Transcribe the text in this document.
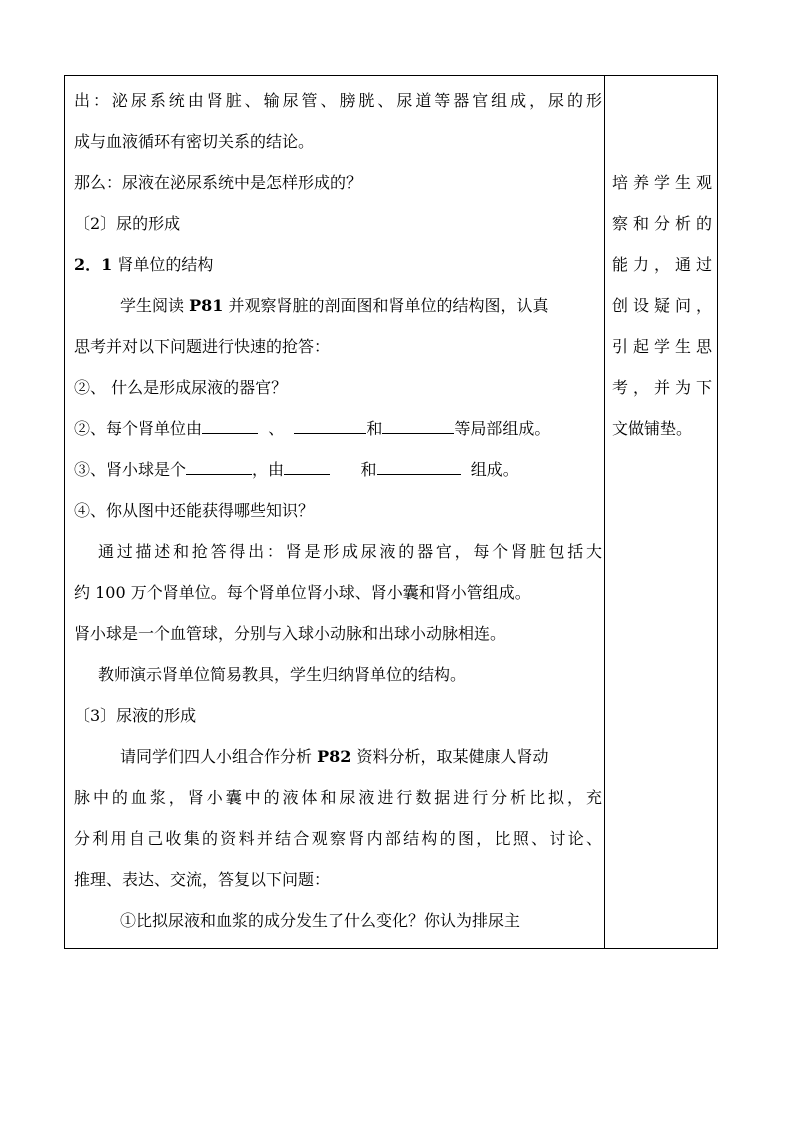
出：泌尿系统由肾脏、输尿管、膀胱、尿道等器官组成，尿的形
成与血液循环有密切关系的结论。
那么：尿液在泌尿系统中是怎样形成的？
〔2〕尿的形成
2．1 肾单位的结构
学生阅读 P81 并观察肾脏的剖面图和肾单位的结构图，认真
思考并对以下问题进行快速的抢答：
②、 什么是形成尿液的器官？
②、每个肾单位由	、	和	等局部组成。
③、肾小球是个	，由	和	组成。
④、你从图中还能获得哪些知识？
通过描述和抢答得出：肾是形成尿液的器官，每个肾脏包括大
约 100 万个肾单位。每个肾单位肾小球、肾小囊和肾小管组成。
肾小球是一个血管球，分别与入球小动脉和出球小动脉相连。
教师演示肾单位简易教具，学生归纳肾单位的结构。
〔3〕尿液的形成
请同学们四人小组合作分析 P82 资料分析，取某健康人肾动
脉中的血浆，肾小囊中的液体和尿液进行数据进行分析比拟，充
分利用自己收集的资料并结合观察肾内部结构的图，比照、讨论、
推理、表达、交流，答复以下问题：
①比拟尿液和血浆的成分发生了什么变化？你认为排尿主
培养学生观
察和分析的
能力，通过
创设疑问，
引起学生思
考，并为下
文做铺垫。
